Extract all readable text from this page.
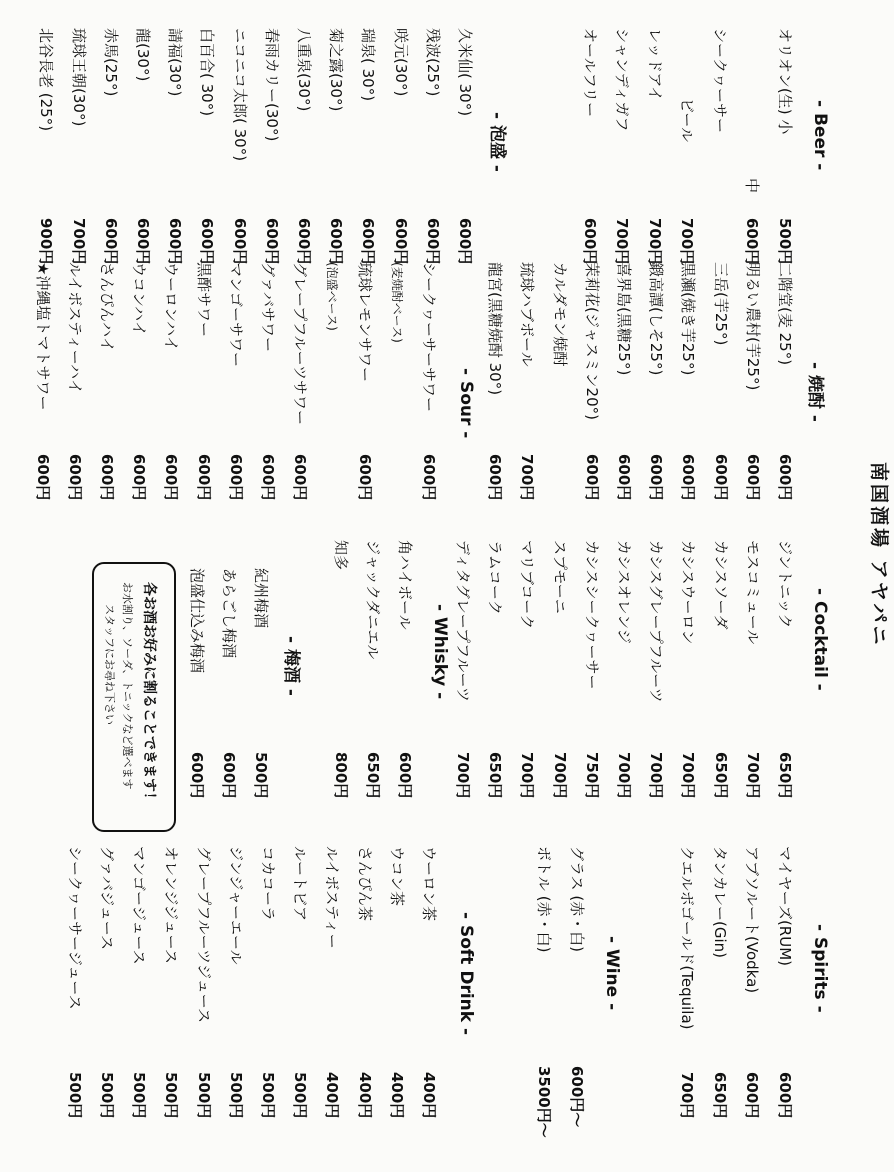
南国酒場 アヤパニ
- Beer -
オリオン(生) 小
500円
中
600円
シークヮーサー
ビール
700円
レッドアイ
700円
シャンディガフ
700円
オールフリー
600円
- 泡盛 -
久米仙( 30°)
600円
残波(25°)
600円
咲元(30°)
600円
瑞泉( 30°)
600円
菊之露(30°)
600円
八重泉(30°)
600円
春雨カリー(30°)
600円
ニコニコ太郎( 30°)
600円
白百合( 30°)
600円
請福(30°)
600円
龍(30°)
600円
赤馬(25°)
600円
琉球王朝(30°)
700円
北谷長老 (25°)
900円
- 焼酎 -
二階堂(麦 25°)
600円
明るい農村(芋25°)
600円
三岳(芋25°)
600円
黒瀬(焼き芋25°)
600円
鍛高譚(しそ25°)
600円
喜界島(黒糖25°)
600円
茉莉花(ジャスミン20°)
600円
カルダモン焼酎
琉球ハブボール
700円
龍宮(黒糖焼酎 30°)
600円
- Sour -
シークヮーサーサワー
600円
(麦焼酎ベース)
琉球レモンサワー
600円
(泡盛ベース)
グレープフルーツサワー
600円
グァバサワー
600円
マンゴーサワー
600円
黒酢サワー
600円
ウーロンハイ
600円
ウコンハイ
600円
さんぴんハイ
600円
ルイボスティーハイ
600円
★沖縄塩トマトサワー
600円
- Cocktail -
ジントニック
650円
モスコミュール
700円
カシスソーダ
650円
カシスウーロン
700円
カシスグレープフルーツ
700円
カシスオレンジ
700円
カシスシークヮーサー
750円
スプモーニ
700円
マリブコーク
700円
ラムコーク
650円
ディタグレープフルーツ
700円
- Whisky -
角ハイボール
600円
ジャックダニエル
650円
知多
800円
- 梅酒 -
紀州梅酒
500円
あらごし梅酒
600円
泡盛仕込み梅酒
600円
各お酒お好みに割ることできます！
お水割り、ソーダ、トニックなど選べます
スタッフにお尋ね下さい
- Spirits -
マイヤーズ(RUM)
600円
アブソルート(Vodka)
600円
タンカレー(Gin)
650円
クエルボゴールド(Tequila)
700円
- Wine -
グラス (赤・白)
600円〜
ボトル (赤・白)
3500円〜
- Soft Drink -
ウーロン茶
400円
ウコン茶
400円
さんぴん茶
400円
ルイボスティー
400円
ルートビア
500円
コカコーラ
500円
ジンジャーエール
500円
グレープフルーツジュース
500円
オレンジジュース
500円
マンゴージュース
500円
グァバジュース
500円
シークヮーサージュース
500円
